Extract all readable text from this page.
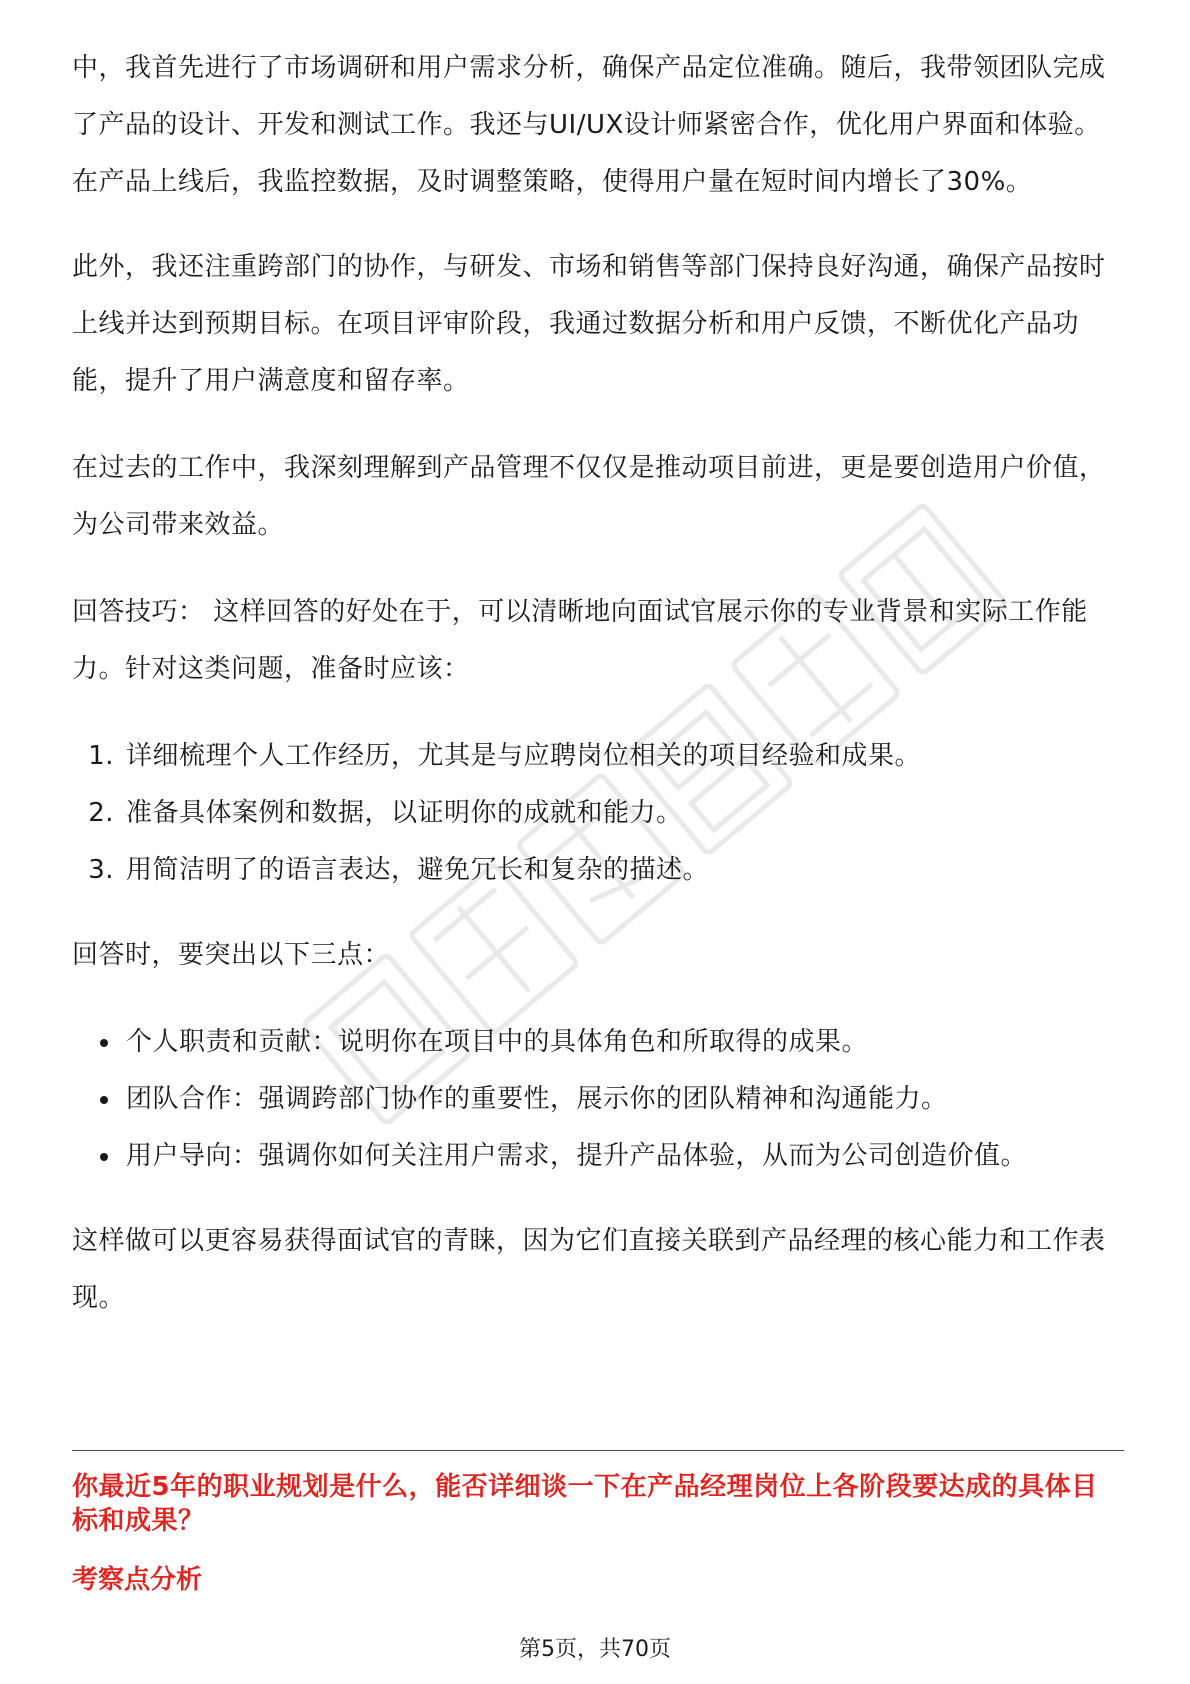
中，我首先进行了市场调研和用户需求分析，确保产品定位准确。随后，我带领团队完成了产品的设计、开发和测试工作。我还与UI/UX设计师紧密合作，优化用户界面和体验。在产品上线后，我监控数据，及时调整策略，使得用户量在短时间内增长了30%。

此外，我还注重跨部门的协作，与研发、市场和销售等部门保持良好沟通，确保产品按时上线并达到预期目标。在项目评审阶段，我通过数据分析和用户反馈，不断优化产品功能，提升了用户满意度和留存率。

在过去的工作中，我深刻理解到产品管理不仅仅是推动项目前进，更是要创造用户价值，为公司带来效益。

回答技巧： 这样回答的好处在于，可以清晰地向面试官展示你的专业背景和实际工作能力。针对这类问题，准备时应该：

1. 详细梳理个人工作经历，尤其是与应聘岗位相关的项目经验和成果。
2. 准备具体案例和数据，以证明你的成就和能力。
3. 用简洁明了的语言表达，避免冗长和复杂的描述。

回答时，要突出以下三点：

个人职责和贡献：说明你在项目中的具体角色和所取得的成果。
团队合作：强调跨部门协作的重要性，展示你的团队精神和沟通能力。
用户导向：强调你如何关注用户需求，提升产品体验，从而为公司创造价值。

这样做可以更容易获得面试官的青睐，因为它们直接关联到产品经理的核心能力和工作表现。

你最近5年的职业规划是什么，能否详细谈一下在产品经理岗位上各阶段要达成的具体目标和成果？
考察点分析
第5页，共70页
